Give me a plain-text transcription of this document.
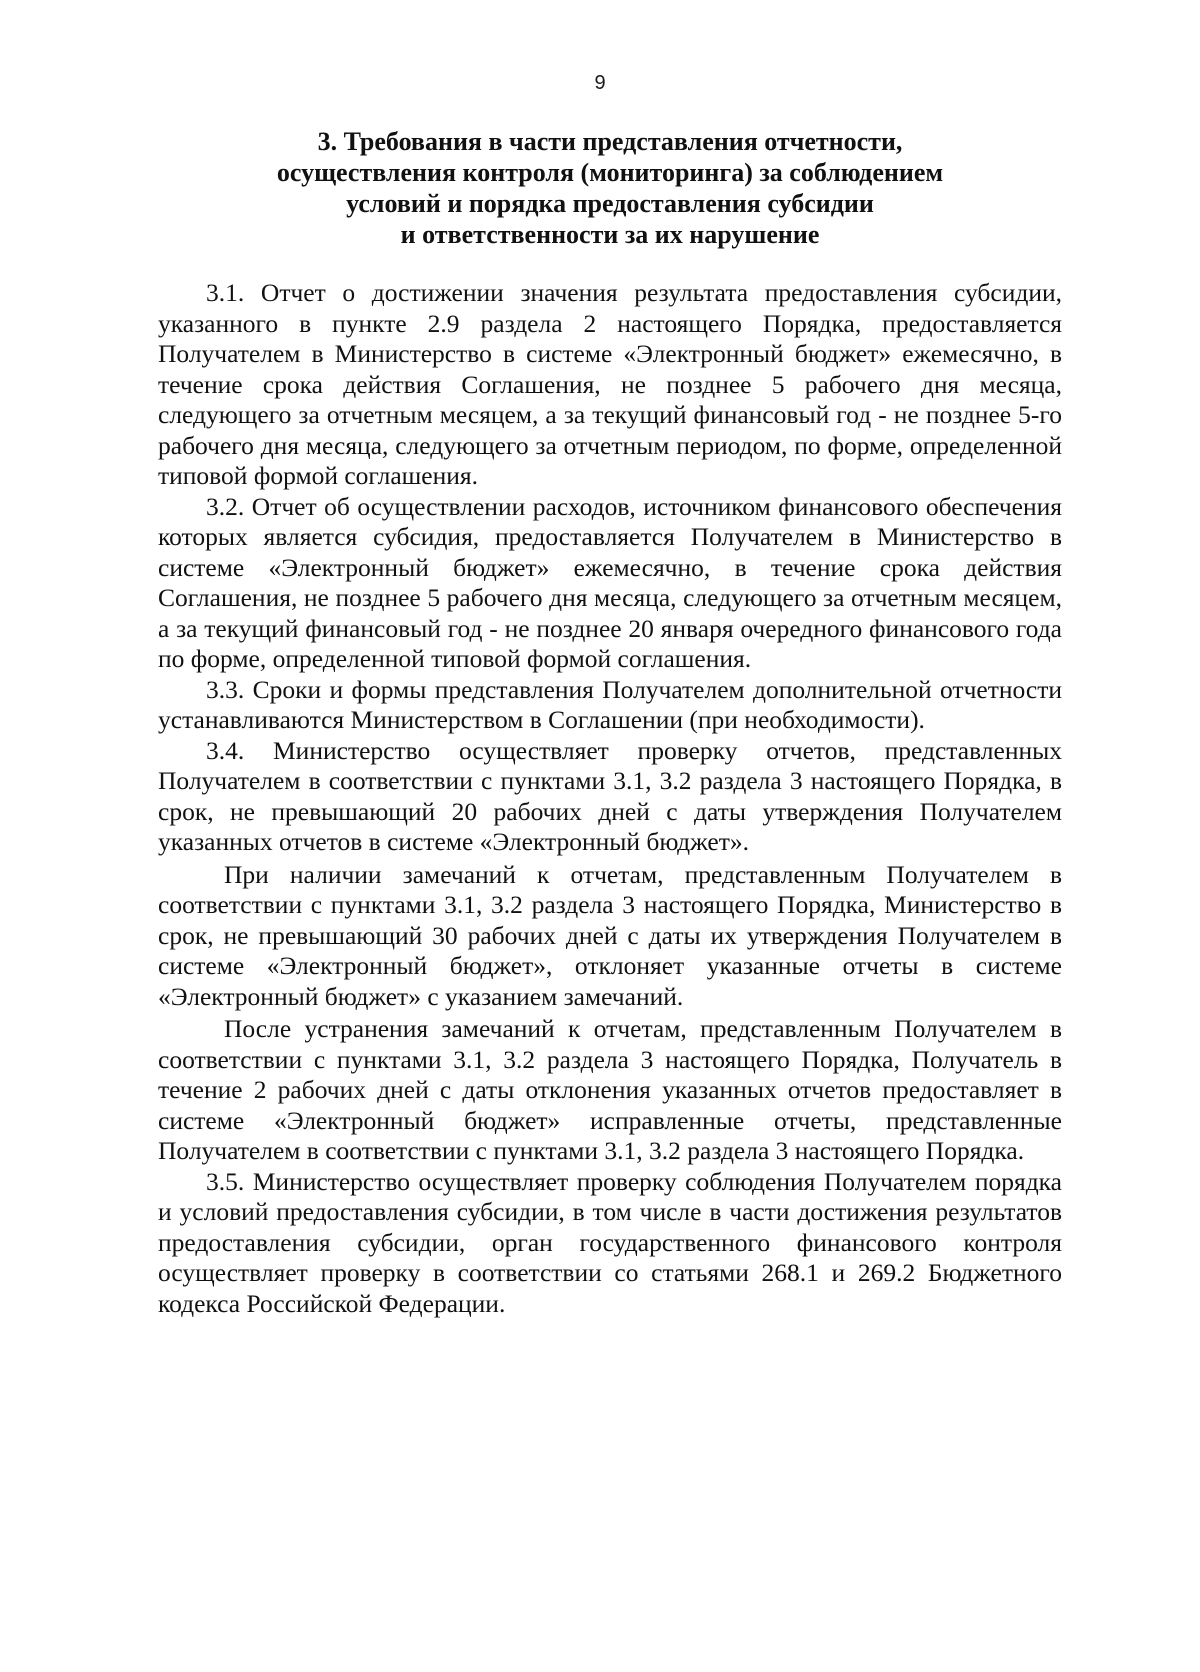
9
3. Требования в части представления отчетности,
осуществления контроля (мониторинга) за соблюдением
условий и порядка предоставления субсидии
и ответственности за их нарушение

3.1. Отчет о достижении значения результата предоставления субсидии, указанного в пункте 2.9 раздела 2 настоящего Порядка, предоставляется Получателем в Министерство в системе «Электронный бюджет» ежемесячно, в течение срока действия Соглашения, не позднее 5 рабочего дня месяца, следующего за отчетным месяцем, а за текущий финансовый год - не позднее 5-го рабочего дня месяца, следующего за отчетным периодом, по форме, определенной типовой формой соглашения.

3.2. Отчет об осуществлении расходов, источником финансового обеспечения которых является субсидия, предоставляется Получателем в Министерство в системе «Электронный бюджет» ежемесячно, в течение срока действия Соглашения, не позднее 5 рабочего дня месяца, следующего за отчетным месяцем, а за текущий финансовый год - не позднее 20 января очередного финансового года по форме, определенной типовой формой соглашения.

3.3. Сроки и формы представления Получателем дополнительной отчетности устанавливаются Министерством в Соглашении (при необходимости).

3.4. Министерство осуществляет проверку отчетов, представленных Получателем в соответствии с пунктами 3.1, 3.2 раздела 3 настоящего Порядка, в срок, не превышающий 20 рабочих дней с даты утверждения Получателем указанных отчетов в системе «Электронный бюджет».

При наличии замечаний к отчетам, представленным Получателем в соответствии с пунктами 3.1, 3.2 раздела 3 настоящего Порядка, Министерство в срок, не превышающий 30 рабочих дней с даты их утверждения Получателем в системе «Электронный бюджет», отклоняет указанные отчеты в системе «Электронный бюджет» с указанием замечаний.

После устранения замечаний к отчетам, представленным Получателем в соответствии с пунктами 3.1, 3.2 раздела 3 настоящего Порядка, Получатель в течение 2 рабочих дней с даты отклонения указанных отчетов предоставляет в системе «Электронный бюджет» исправленные отчеты, представленные Получателем в соответствии с пунктами 3.1, 3.2 раздела 3 настоящего Порядка.

3.5. Министерство осуществляет проверку соблюдения Получателем порядка и условий предоставления субсидии, в том числе в части достижения результатов предоставления субсидии, орган государственного финансового контроля осуществляет проверку в соответствии со статьями 268.1 и 269.2 Бюджетного кодекса Российской Федерации.
